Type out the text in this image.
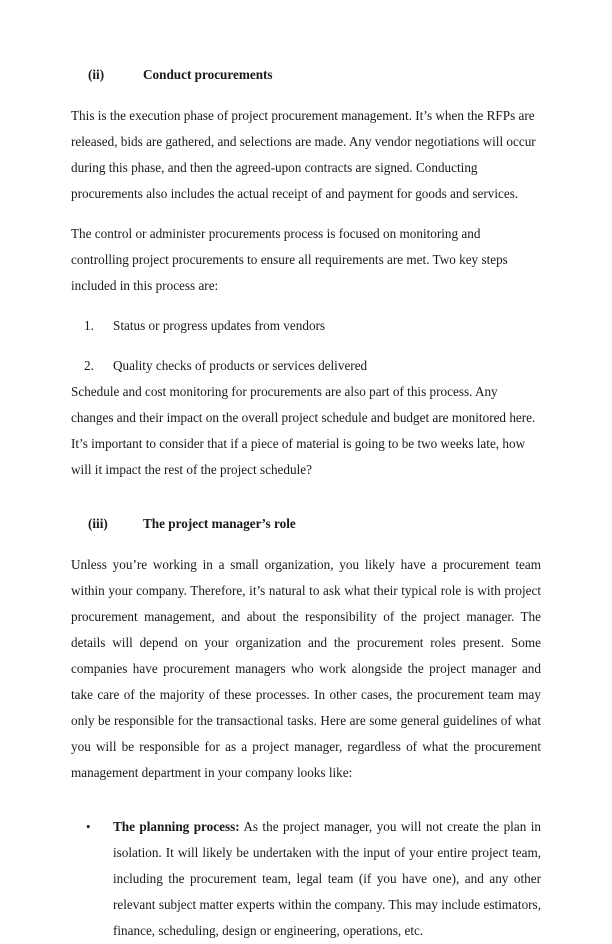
(ii)	Conduct procurements

This is the execution phase of project procurement management. It’s when the RFPs are released, bids are gathered, and selections are made. Any vendor negotiations will occur during this phase, and then the agreed-upon contracts are signed. Conducting procurements also includes the actual receipt of and payment for goods and services.

The control or administer procurements process is focused on monitoring and controlling project procurements to ensure all requirements are met. Two key steps included in this process are:

1.	Status or progress updates from vendors
2.	Quality checks of products or services delivered

Schedule and cost monitoring for procurements are also part of this process. Any changes and their impact on the overall project schedule and budget are monitored here. It’s important to consider that if a piece of material is going to be two weeks late, how will it impact the rest of the project schedule?

(iii)	The project manager’s role

Unless you’re working in a small organization, you likely have a procurement team within your company. Therefore, it’s natural to ask what their typical role is with project procurement management, and about the responsibility of the project manager. The details will depend on your organization and the procurement roles present. Some companies have procurement managers who work alongside the project manager and take care of the majority of these processes. In other cases, the procurement team may only be responsible for the transactional tasks. Here are some general guidelines of what you will be responsible for as a project manager, regardless of what the procurement management department in your company looks like:

• The planning process: As the project manager, you will not create the plan in isolation. It will likely be undertaken with the input of your entire project team, including the procurement team, legal team (if you have one), and any other relevant subject matter experts within the company. This may include estimators, finance, scheduling, design or engineering, operations, etc.
